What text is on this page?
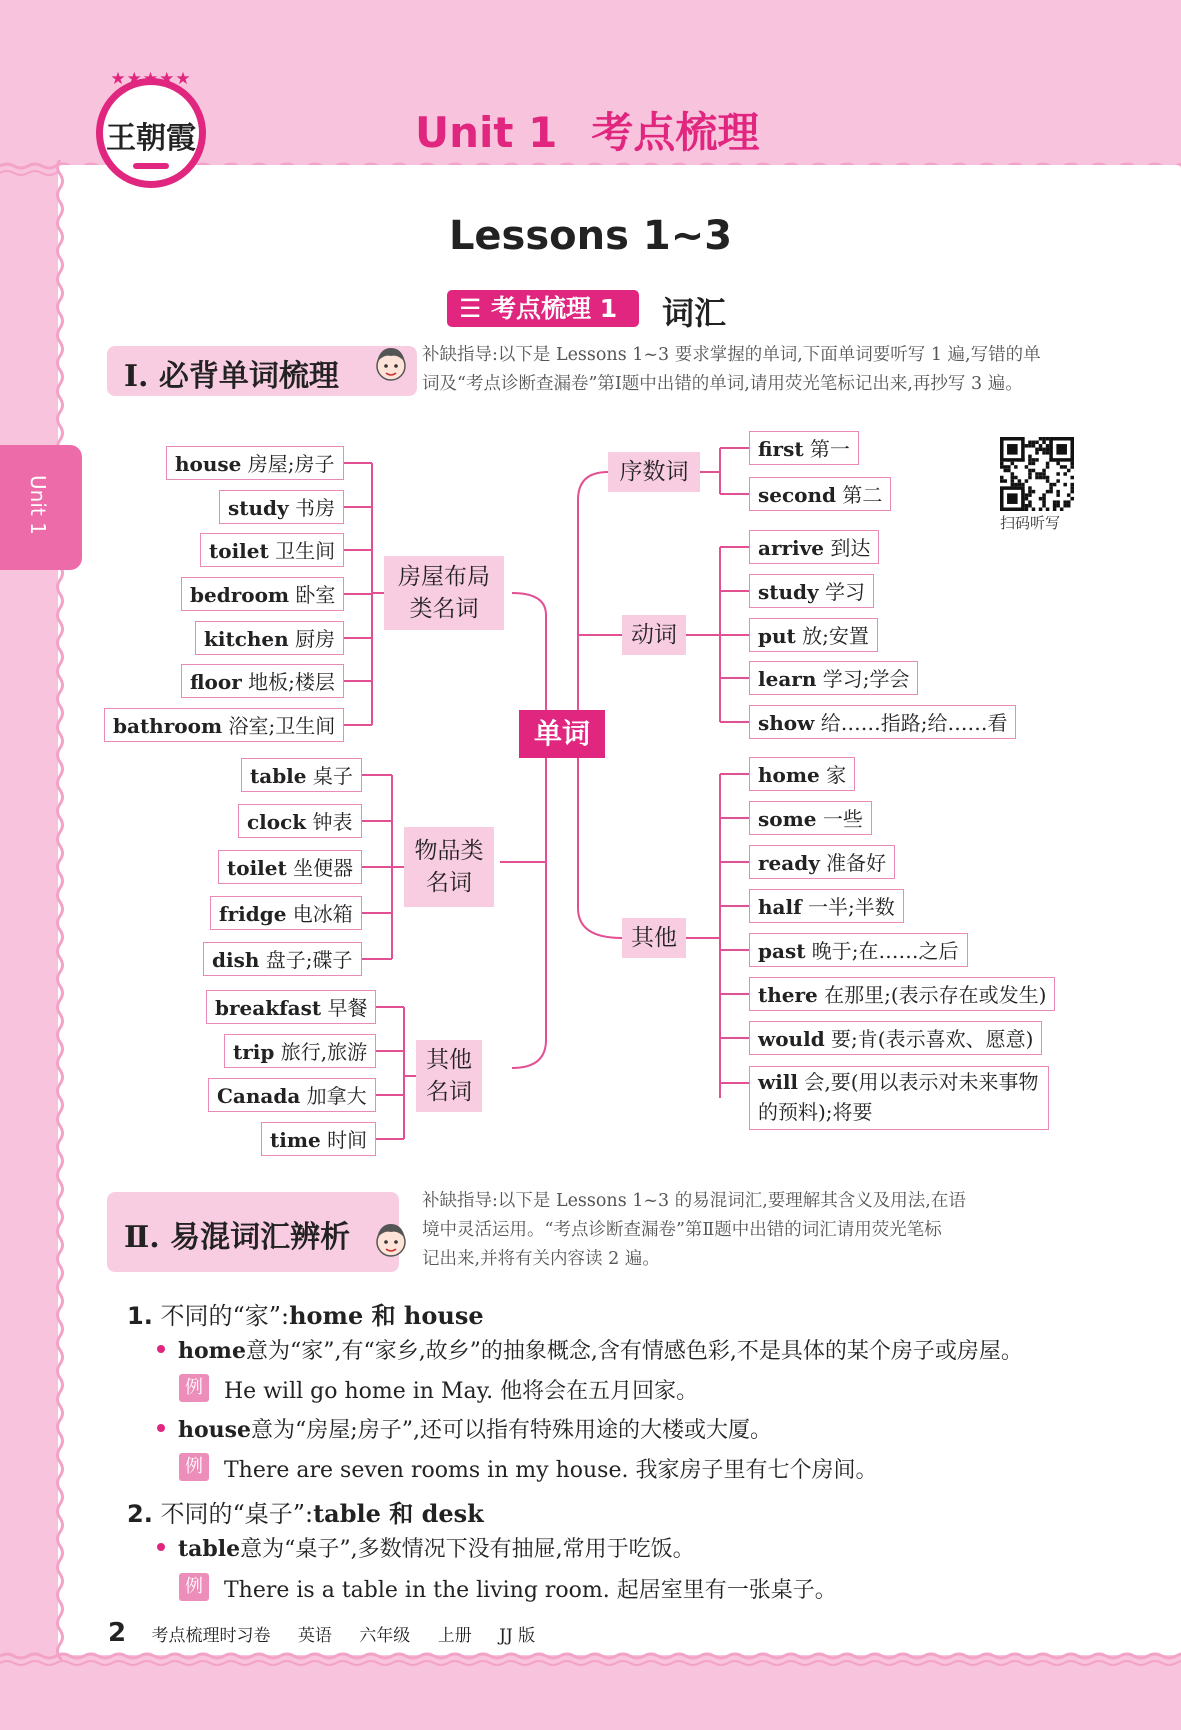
★★★★★
王朝霞	Unit 1 考点梳理
Unit 1
Lessons 1~3
☰ 考点梳理 1 词汇
Ⅰ. 必背单词梳理
补缺指导:以下是 Lessons 1~3 要求掌握的单词,下面单词要听写 1 遍,写错的单
词及“考点诊断查漏卷”第Ⅰ题中出错的单词,请用荧光笔标记出来,再抄写 3 遍。
house 房屋;房子
study 书房
toilet 卫生间
bedroom 卧室
kitchen 厨房
floor 地板;楼层
bathroom 浴室;卫生间
房屋布局
类名词
table 桌子
clock 钟表
toilet 坐便器
fridge 电冰箱
dish 盘子;碟子
物品类
名词
breakfast 早餐
trip 旅行,旅游
Canada 加拿大
time 时间
其他
名词
first 第一
second 第二
序数词
arrive 到达
study 学习
put 放;安置
learn 学习;学会
show 给……指路;给……看
动词
home 家
some 一些
ready 准备好
half 一半;半数
past 晚于;在……之后
there 在那里;(表示存在或发生)
would 要;肯(表示喜欢、愿意)
will 会,要(用以表示对未来事物
的预料);将要
其他
单词
扫码听写
Ⅱ. 易混词汇辨析
补缺指导:以下是 Lessons 1~3 的易混词汇,要理解其含义及用法,在语
境中灵活运用。“考点诊断查漏卷”第Ⅱ题中出错的词汇请用荧光笔标
记出来,并将有关内容读 2 遍。
1. 不同的“家”:home 和 house
home意为“家”,有“家乡,故乡”的抽象概念,含有情感色彩,不是具体的某个房子或房屋。
例 He will go home in May. 他将会在五月回家。
house意为“房屋;房子”,还可以指有特殊用途的大楼或大厦。
例 There are seven rooms in my house. 我家房子里有七个房间。
2. 不同的“桌子”:table 和 desk
table意为“桌子”,多数情况下没有抽屉,常用于吃饭。
例 There is a table in the living room. 起居室里有一张桌子。
2 考点梳理时习卷 英语 六年级 上册 JJ 版
